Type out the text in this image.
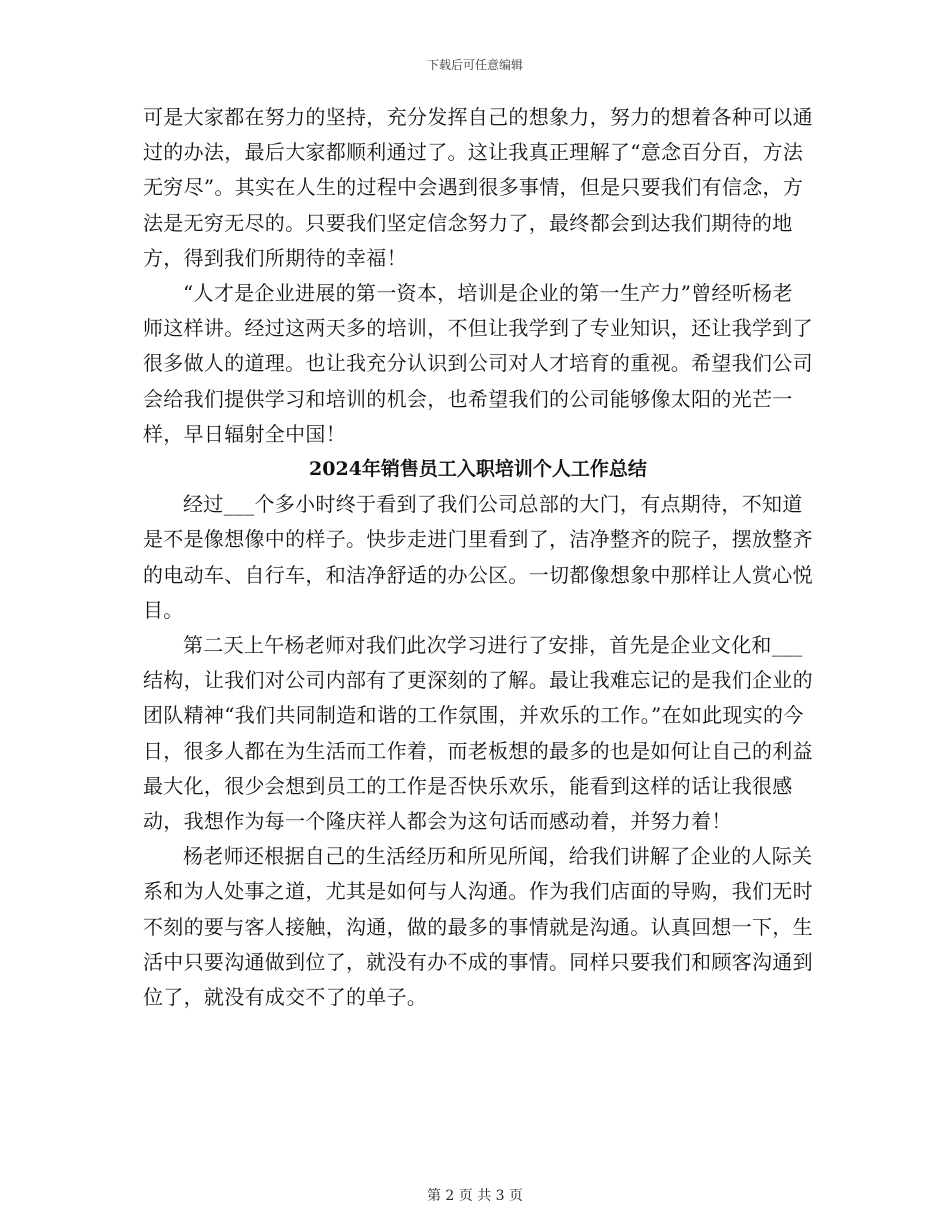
下载后可任意编辑

可是大家都在努力的坚持，充分发挥自己的想象力，努力的想着各种可以通过的办法，最后大家都顺利通过了。这让我真正理解了“意念百分百，方法无穷尽”。其实在人生的过程中会遇到很多事情，但是只要我们有信念，方法是无穷无尽的。只要我们坚定信念努力了，最终都会到达我们期待的地方，得到我们所期待的幸福！

“人才是企业进展的第一资本，培训是企业的第一生产力”曾经听杨老师这样讲。经过这两天多的培训，不但让我学到了专业知识，还让我学到了很多做人的道理。也让我充分认识到公司对人才培育的重视。希望我们公司会给我们提供学习和培训的机会，也希望我们的公司能够像太阳的光芒一样，早日辐射全中国！

2024年销售员工入职培训个人工作总结

经过___个多小时终于看到了我们公司总部的大门，有点期待，不知道是不是像想像中的样子。快步走进门里看到了，洁净整齐的院子，摆放整齐的电动车、自行车，和洁净舒适的办公区。一切都像想象中那样让人赏心悦目。

第二天上午杨老师对我们此次学习进行了安排，首先是企业文化和___结构，让我们对公司内部有了更深刻的了解。最让我难忘记的是我们企业的团队精神“我们共同制造和谐的工作氛围，并欢乐的工作。”在如此现实的今日，很多人都在为生活而工作着，而老板想的最多的也是如何让自己的利益最大化，很少会想到员工的工作是否快乐欢乐，能看到这样的话让我很感动，我想作为每一个隆庆祥人都会为这句话而感动着，并努力着！

杨老师还根据自己的生活经历和所见所闻，给我们讲解了企业的人际关系和为人处事之道，尤其是如何与人沟通。作为我们店面的导购，我们无时不刻的要与客人接触，沟通，做的最多的事情就是沟通。认真回想一下，生活中只要沟通做到位了，就没有办不成的事情。同样只要我们和顾客沟通到位了，就没有成交不了的单子。

第 2 页 共 3 页
